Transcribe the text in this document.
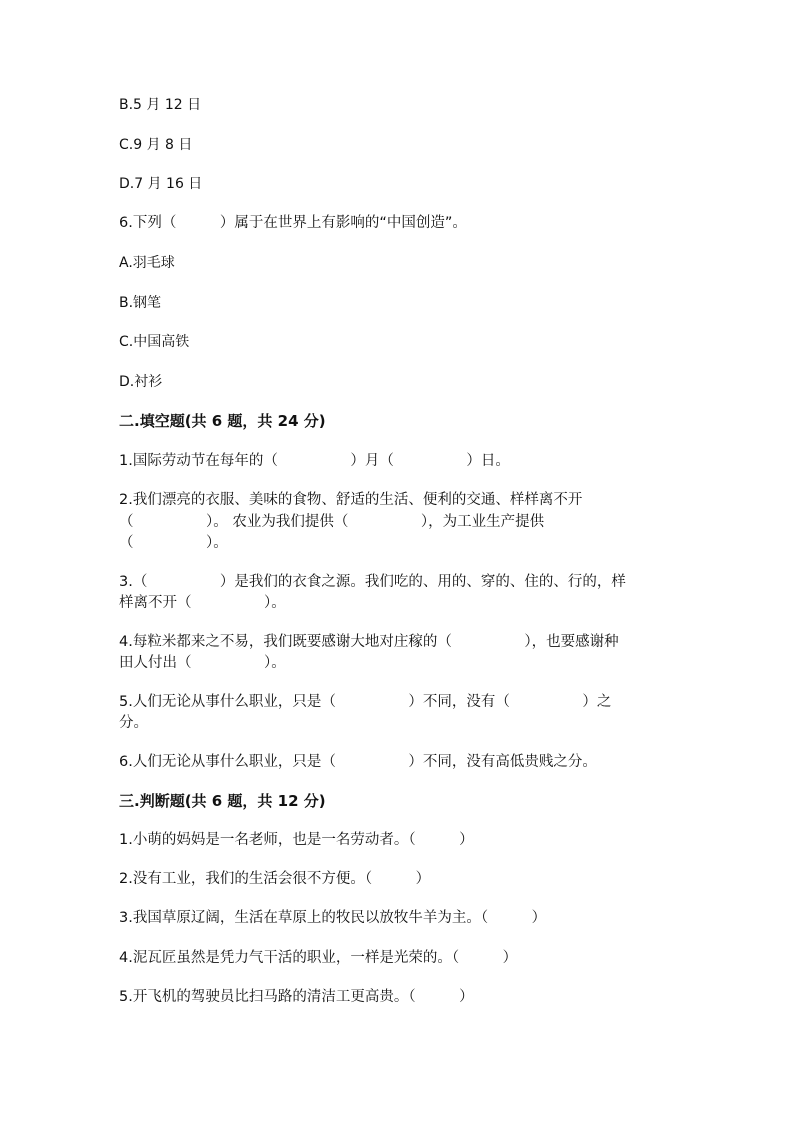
B.5 月 12 日
C.9 月 8 日
D.7 月 16 日
6.下列（　　　）属于在世界上有影响的“中国创造”。
A.羽毛球
B.钢笔
C.中国高铁
D.衬衫
二.填空题(共 6 题，共 24 分)
1.国际劳动节在每年的（　　　　　）月（　　　　　）日。
2.我们漂亮的衣服、美味的食物、舒适的生活、便利的交通、样样离不开
（　　　　　）。 农业为我们提供（　　　　　），为工业生产提供
（　　　　　）。
3.（　　　　　）是我们的衣食之源。我们吃的、用的、穿的、住的、行的，样
样离不开（　　　　　）。
4.每粒米都来之不易，我们既要感谢大地对庄稼的（　　　　　），也要感谢种
田人付出（　　　　　）。
5.人们无论从事什么职业，只是（　　　　　）不同，没有（　　　　　）之
分。
6.人们无论从事什么职业，只是（　　　　　）不同，没有高低贵贱之分。
三.判断题(共 6 题，共 12 分)
1.小萌的妈妈是一名老师，也是一名劳动者。（　　　）
2.没有工业，我们的生活会很不方便。（　　　）
3.我国草原辽阔，生活在草原上的牧民以放牧牛羊为主。（　　　）
4.泥瓦匠虽然是凭力气干活的职业，一样是光荣的。（　　　）
5.开飞机的驾驶员比扫马路的清洁工更高贵。（　　　）
